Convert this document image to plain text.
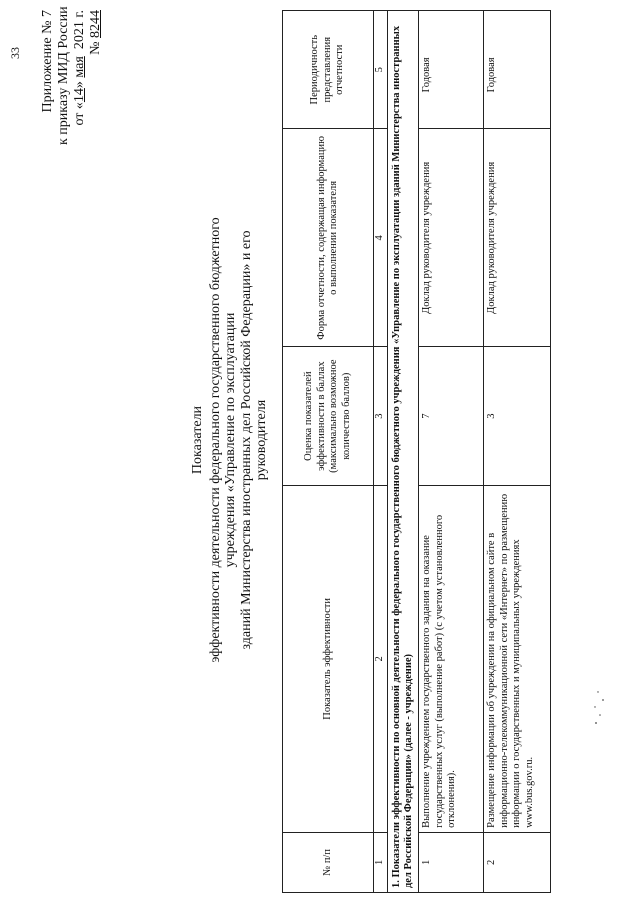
33 Приложение № 7 к приказу МИД России от «14» мая  2021 г. № 8244
Показатели эффективности деятельности федерального государственного бюджетного учреждения «Управление по эксплуатации зданий Министерства иностранных дел Российской Федерации» и его руководителя
№ п/п	Показатель эффективности	Оценка показателей эффективности в баллах (максимально возможное количество баллов)	Форма отчетности, содержащая информацию о выполнении показателя	Периодичность представления отчетности
1	2	3	4	5
1. Показатели эффективности по основной деятельности федерального государственного бюджетного учреждения «Управление по эксплуатации зданий Министерства иностранных дел Российской Федерации» (далее - учреждение)				
1	Выполнение учреждением государственного задания на оказание государственных услуг (выполнение работ) (с учетом установленного отклонения).	7	Доклад руководителя учреждения	Годовая
2	Размещение информации об учреждении на официальном сайте в информационно-телекоммуникационной сети «Интернет» по размещению информации о государственных и муниципальных учреждениях www.bus.gov.ru.	3	Доклад руководителя учреждения	Годовая
